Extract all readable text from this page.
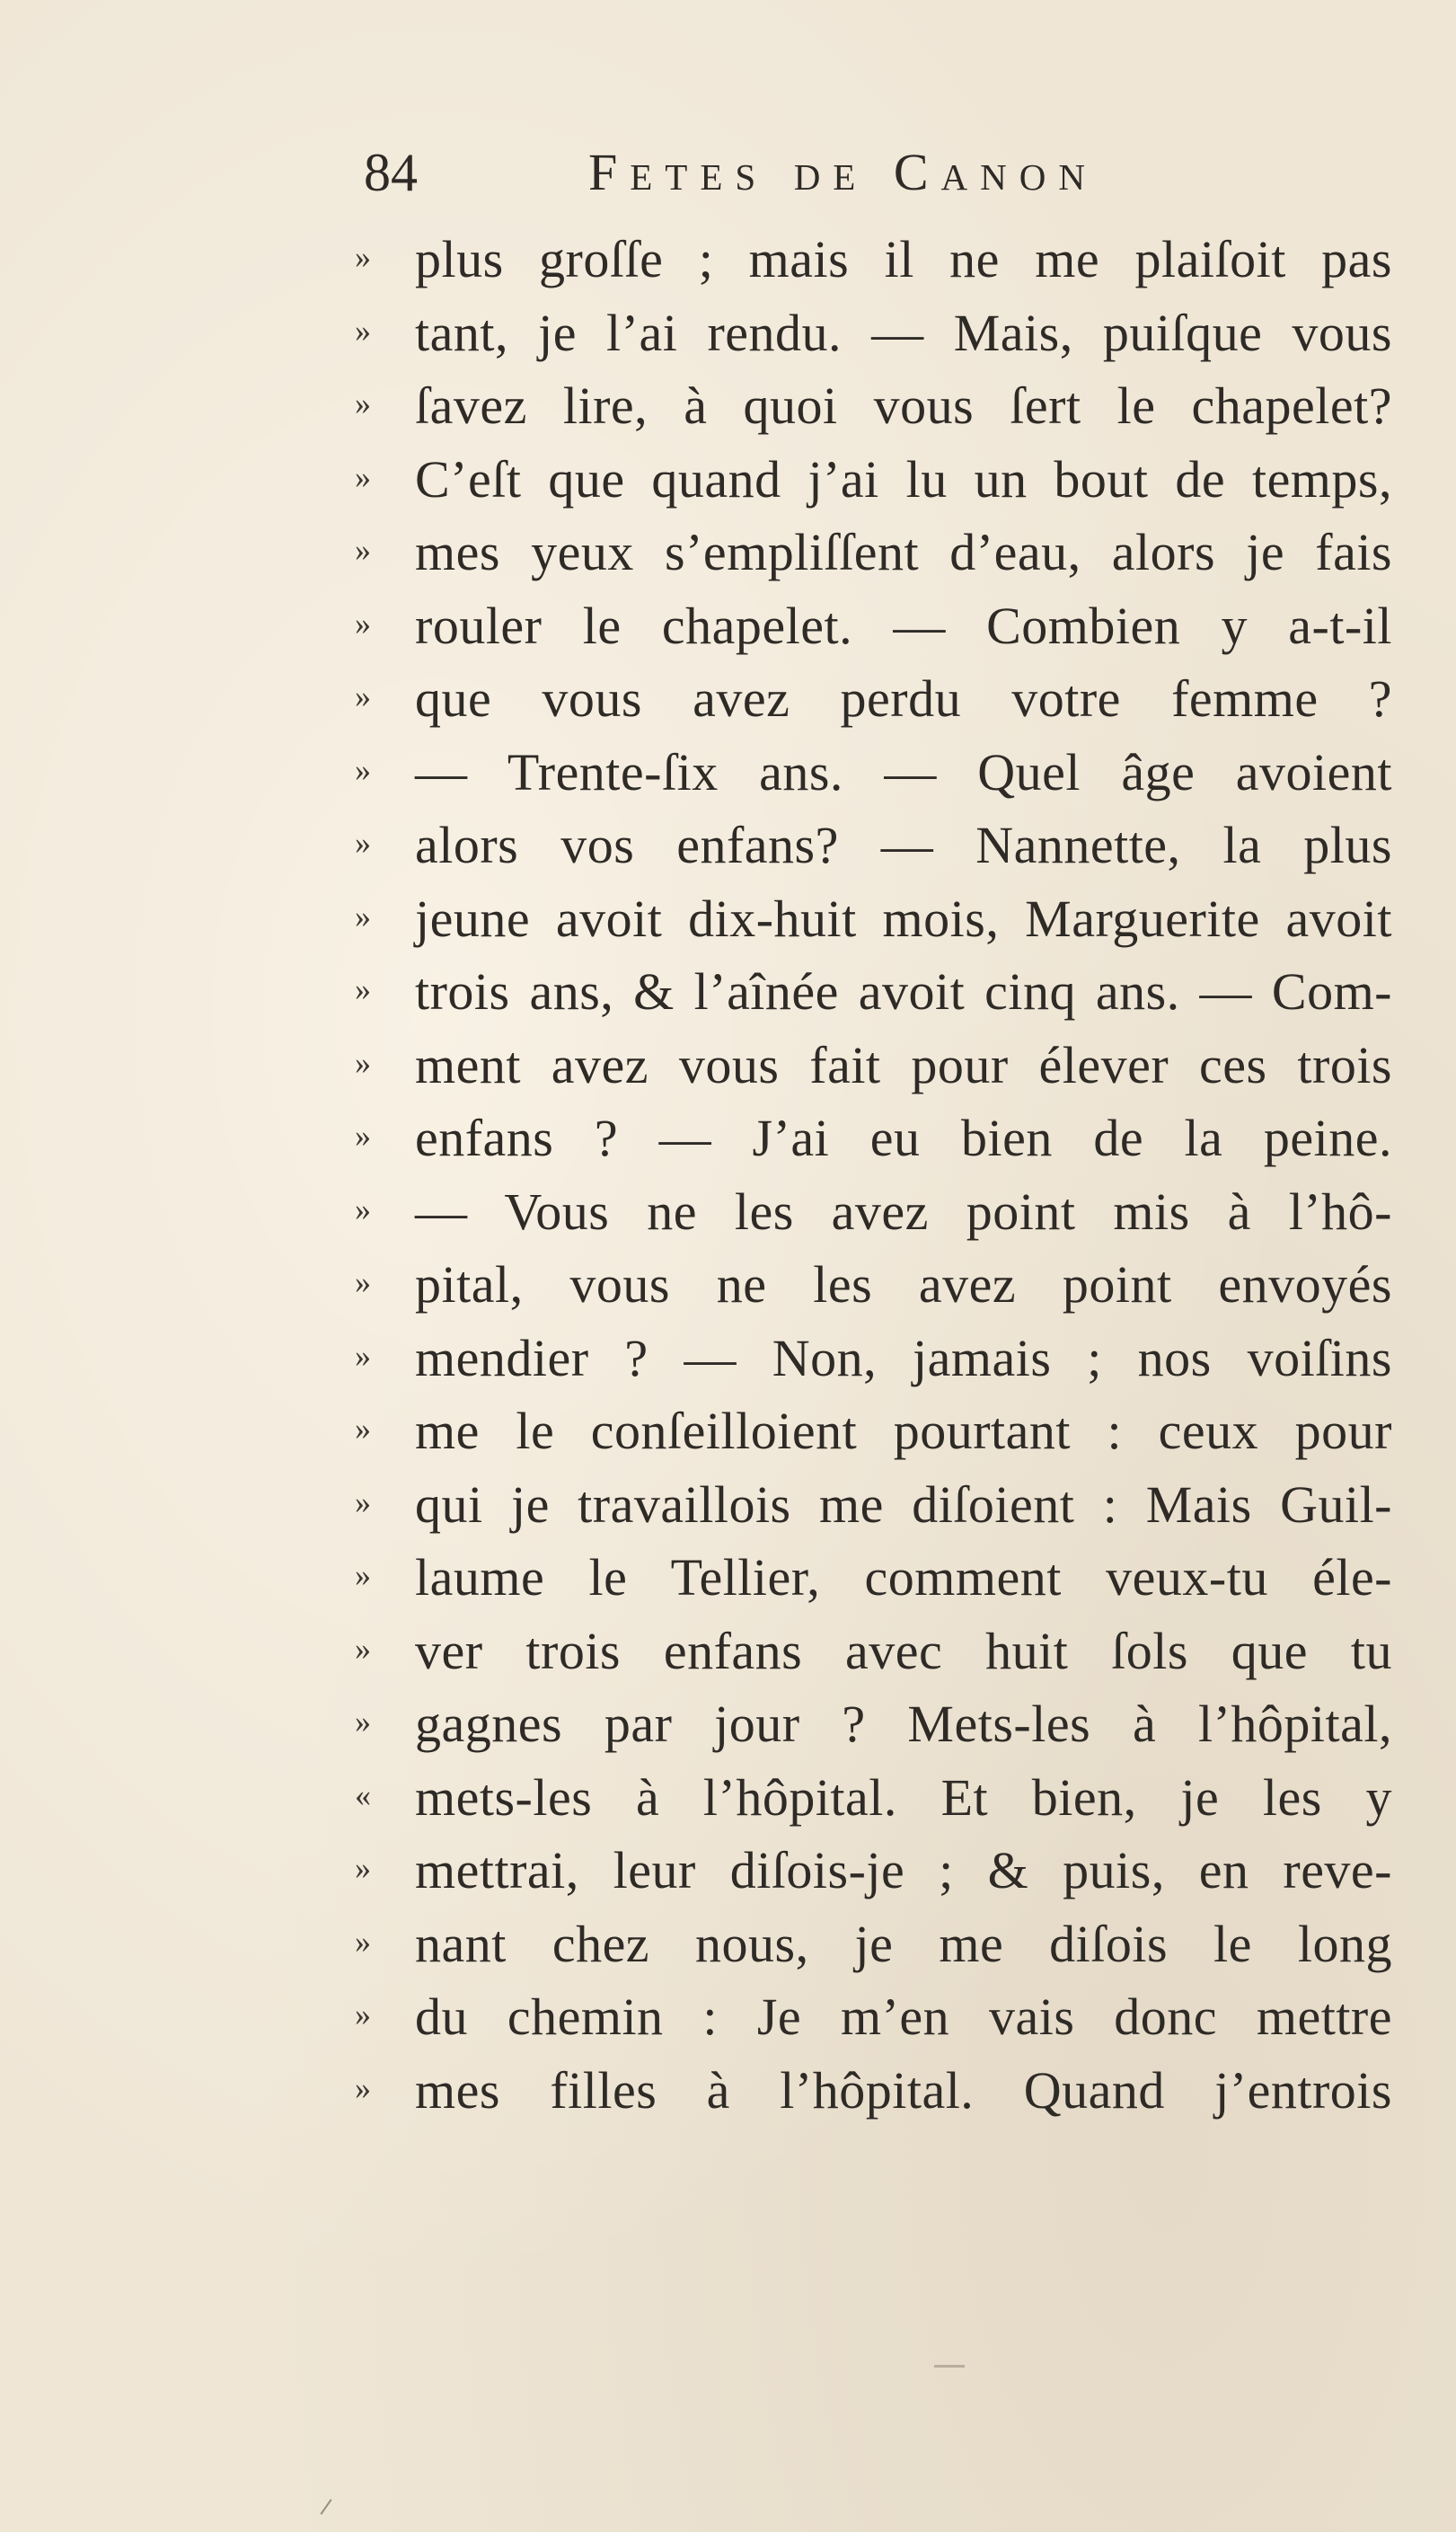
84	Fetes de Canon
» plus groſſe ; mais il ne me plaiſoit pas
» tant, je l’ai rendu. — Mais, puiſque vous
» ſavez lire, à quoi vous ſert le chapelet?
» C’eſt que quand j’ai lu un bout de temps,
» mes yeux s’empliſſent d’eau, alors je fais
» rouler le chapelet. — Combien y a-t-il
» que vous avez perdu votre femme ?
» — Trente-ſix ans. — Quel âge avoient
» alors vos enfans? — Nannette, la plus
» jeune avoit dix-huit mois, Marguerite avoit
» trois ans, & l’aînée avoit cinq ans. — Com-
» ment avez vous fait pour élever ces trois
» enfans ? — J’ai eu bien de la peine.
» — Vous ne les avez point mis à l’hô-
» pital, vous ne les avez point envoyés
» mendier ? — Non, jamais ; nos voiſins
» me le conſeilloient pourtant : ceux pour
» qui je travaillois me diſoient : Mais Guil-
» laume le Tellier, comment veux-tu éle-
» ver trois enfans avec huit ſols que tu
» gagnes par jour ? Mets-les à l’hôpital,
« mets-les à l’hôpital. Et bien, je les y
» mettrai, leur diſois-je ; & puis, en reve-
» nant chez nous, je me diſois le long
» du chemin : Je m’en vais donc mettre
» mes filles à l’hôpital. Quand j’entrois
